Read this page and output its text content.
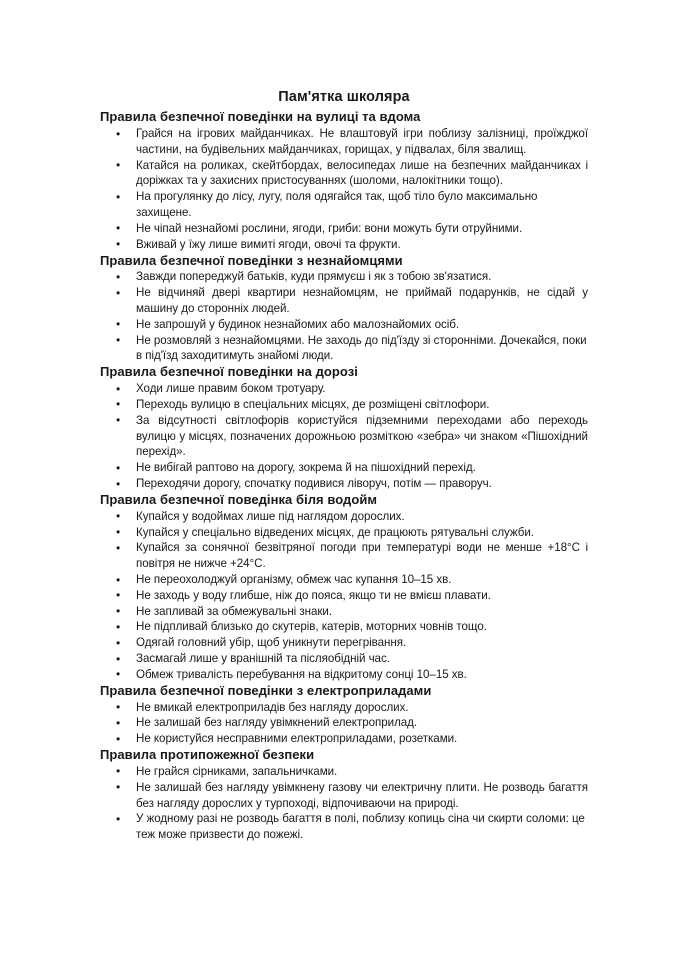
Пам'ятка школяра
Правила безпечної поведінки на вулиці та вдома
• Грайся на ігрових майданчиках. Не влаштовуй ігри поблизу залізниці, проїжджої частини, на будівельних майданчиках, горищах, у підвалах, біля звалищ.
• Катайся на роликах, скейтбордах, велосипедах лише на безпечних майданчиках і доріжках та у захисних пристосуваннях (шоломи, налокітники тощо).
• На прогулянку до лісу, лугу, поля одягайся так, щоб тіло було максимально захищене.
• Не чіпай незнайомі рослини, ягоди, гриби: вони можуть бути отруйними.
• Вживай у їжу лише вимиті ягоди, овочі та фрукти.
Правила безпечної поведінки з незнайомцями
• Завжди попереджуй батьків, куди прямуєш і як з тобою зв'язатися.
• Не відчиняй двері квартири незнайомцям, не приймай подарунків, не сідай у машину до сторонніх людей.
• Не запрошуй у будинок незнайомих або малознайомих осіб.
• Не розмовляй з незнайомцями. Не заходь до під'їзду зі сторонніми. Дочекайся, поки в під'їзд заходитимуть знайомі люди.
Правила безпечної поведінки на дорозі
• Ходи лише правим боком тротуару.
• Переходь вулицю в спеціальних місцях, де розміщені світлофори.
• За відсутності світлофорів користуйся підземними переходами або переходь вулицю у місцях, позначених дорожньою розміткою «зебра» чи знаком «Пішохідний перехід».
• Не вибігай раптово на дорогу, зокрема й на пішохідний перехід.
• Переходячи дорогу, спочатку подивися ліворуч, потім — праворуч.
Правила безпечної поведінка біля водойм
• Купайся у водоймах лише під наглядом дорослих.
• Купайся у спеціально відведених місцях, де працюють рятувальні служби.
• Купайся за сонячної безвітряної погоди при температурі води не менше +18°C і повітря не нижче +24°C.
• Не переохолоджуй організму, обмеж час купання 10–15 хв.
• Не заходь у воду глибше, ніж до пояса, якщо ти не вмієш плавати.
• Не запливай за обмежувальні знаки.
• Не підпливай близько до скутерів, катерів, моторних човнів тощо.
• Одягай головний убір, щоб уникнути перегрівання.
• Засмагай лише у вранішній та післяобідній час.
• Обмеж тривалість перебування на відкритому сонці 10–15 хв.
Правила безпечної поведінки з електроприладами
• Не вмикай електроприладів без нагляду дорослих.
• Не залишай без нагляду увімкнений електроприлад.
• Не користуйся несправними електроприладами, розетками.
Правила протипожежної безпеки
• Не грайся сірниками, запальничками.
• Не залишай без нагляду увімкнену газову чи електричну плити. Не розводь багаття без нагляду дорослих у турпоході, відпочиваючи на природі.
• У жодному разі не розводь багаття в полі, поблизу копиць сіна чи скирти соломи: це теж може призвести до пожежі.
